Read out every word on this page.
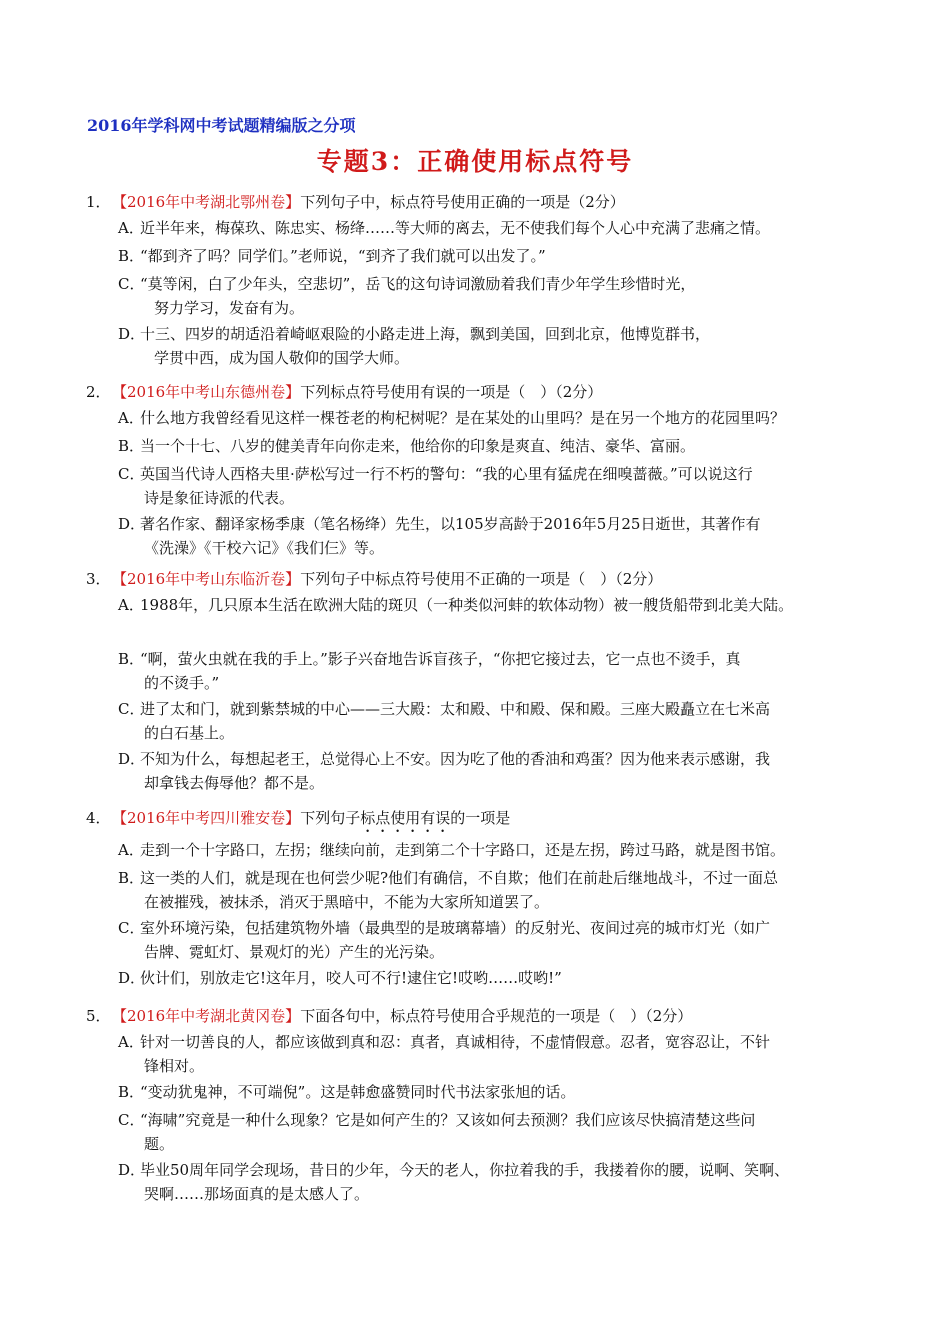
2016年学科网中考试题精编版之分项
专题3：正确使用标点符号
1．【2016年中考湖北鄂州卷】下列句子中，标点符号使用正确的一项是（2分）
A．近半年来，梅葆玖、陈忠实、杨绛……等大师的离去，无不使我们每个人心中充满了悲痛之情。
B．“都到齐了吗？同学们。”老师说，“到齐了我们就可以出发了。”
C．“莫等闲，白了少年头，空悲切”，岳飞的这句诗词激励着我们青少年学生珍惜时光，
努力学习，发奋有为。
D．十三、四岁的胡适沿着崎岖艰险的小路走进上海，飘到美国，回到北京，他博览群书，
学贯中西，成为国人敬仰的国学大师。
2．【2016年中考山东德州卷】下列标点符号使用有误的一项是（　）（2分）
A．什么地方我曾经看见这样一棵苍老的枸杞树呢？是在某处的山里吗？是在另一个地方的花园里吗？
B．当一个十七、八岁的健美青年向你走来，他给你的印象是爽直、纯洁、豪华、富丽。
C．英国当代诗人西格夫里·萨松写过一行不朽的警句：“我的心里有猛虎在细嗅蔷薇。”可以说这行
诗是象征诗派的代表。
D．著名作家、翻译家杨季康（笔名杨绛）先生，以105岁高龄于2016年5月25日逝世，其著作有
《洗澡》《干校六记》《我们仨》等。
3．【2016年中考山东临沂卷】下列句子中标点符号使用不正确的一项是（　）（2分）
A．1988年，几只原本生活在欧洲大陆的斑贝（一种类似河蚌的软体动物）被一艘货船带到北美大陆。
B．“啊，萤火虫就在我的手上。”影子兴奋地告诉盲孩子，“你把它接过去，它一点也不烫手，真
的不烫手。”
C．进了太和门，就到紫禁城的中心——三大殿：太和殿、中和殿、保和殿。三座大殿矗立在七米高
的白石基上。
D．不知为什么，每想起老王，总觉得心上不安。因为吃了他的香油和鸡蛋？因为他来表示感谢，我
却拿钱去侮辱他？都不是。
4．【2016年中考四川雅安卷】下列句子标点使用有误的一项是
A．走到一个十字路口，左拐；继续向前，走到第二个十字路口，还是左拐，跨过马路，就是图书馆。
B．这一类的人们，就是现在也何尝少呢?他们有确信，不自欺；他们在前赴后继地战斗，不过一面总
在被摧残，被抹杀，消灭于黑暗中，不能为大家所知道罢了。
C．室外环境污染，包括建筑物外墙（最典型的是玻璃幕墙）的反射光、夜间过亮的城市灯光（如广
告牌、霓虹灯、景观灯的光）产生的光污染。
D．伙计们，别放走它!这年月，咬人可不行!逮住它!哎哟……哎哟!”
5．【2016年中考湖北黄冈卷】下面各句中，标点符号使用合乎规范的一项是（　）（2分）
A．针对一切善良的人，都应该做到真和忍：真者，真诚相待，不虚情假意。忍者，宽容忍让，不针
锋相对。
B．“变动犹鬼神，不可端倪”。这是韩愈盛赞同时代书法家张旭的话。
C．“海啸”究竟是一种什么现象？它是如何产生的？又该如何去预测？我们应该尽快搞清楚这些问
题。
D．毕业50周年同学会现场，昔日的少年，今天的老人，你拉着我的手，我搂着你的腰，说啊、笑啊、
哭啊……那场面真的是太感人了。
